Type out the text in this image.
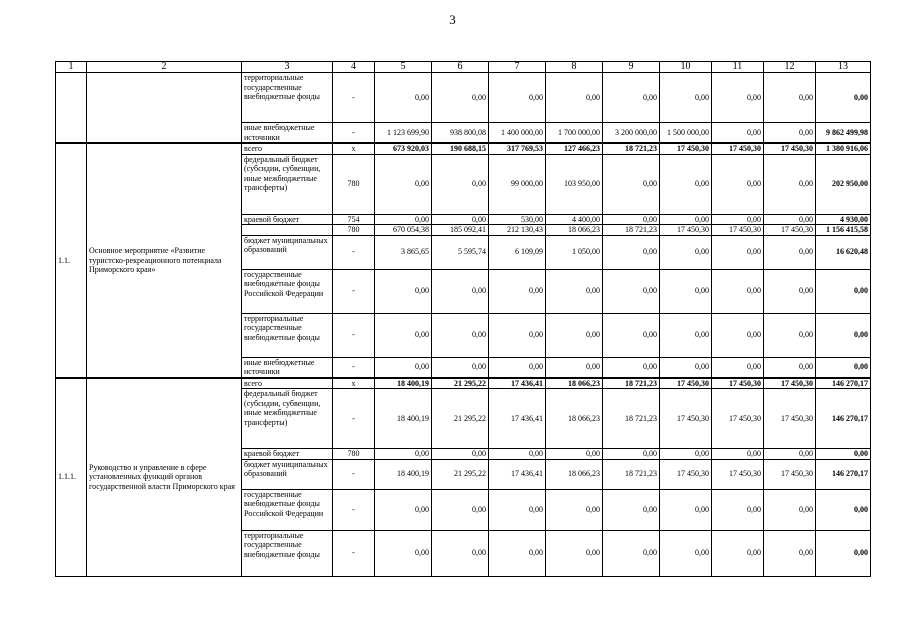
3
1	2	3	4	5	6	7	8	9	10	11	12	13
		территориальные государственные внебюджетные фонды	-	0,00	0,00	0,00	0,00	0,00	0,00	0,00	0,00	0,00
		иные внебюджетные источники	-	1 123 699,90	938 800,08	1 400 000,00	1 700 000,00	3 200 000,00	1 500 000,00	0,00	0,00	9 862 499,98
1.1.	Основное мероприятие «Развитие туристско-рекреационного потенциала Приморского края»	всего	x	673 920,03	190 688,15	317 769,53	127 466,23	18 721,23	17 450,30	17 450,30	17 450,30	1 380 916,06
		федеральный бюджет (субсидии, субвенции, иные межбюджетные трансферты)	780	0,00	0,00	99 000,00	103 950,00	0,00	0,00	0,00	0,00	202 950,00
		краевой бюджет	754	0,00	0,00	530,00	4 400,00	0,00	0,00	0,00	0,00	4 930,00
			780	670 054,38	185 092,41	212 130,43	18 066,23	18 721,23	17 450,30	17 450,30	17 450,30	1 156 415,58
		бюджет муниципальных образований	-	3 865,65	5 595,74	6 109,09	1 050,00	0,00	0,00	0,00	0,00	16 620,48
		государственные внебюджетные фонды Российской Федерации	-	0,00	0,00	0,00	0,00	0,00	0,00	0,00	0,00	0,00
		территориальные государственные внебюджетные фонды	-	0,00	0,00	0,00	0,00	0,00	0,00	0,00	0,00	0,00
		иные внебюджетные источники	-	0,00	0,00	0,00	0,00	0,00	0,00	0,00	0,00	0,00
1.1.1.	Руководство и управление в сфере установленных функций органов государственной власти Приморского края	всего	x	18 400,19	21 295,22	17 436,41	18 066,23	18 721,23	17 450,30	17 450,30	17 450,30	146 270,17
		федеральный бюджет (субсидии, субвенции, иные межбюджетные трансферты)	-	18 400,19	21 295,22	17 436,41	18 066,23	18 721,23	17 450,30	17 450,30	17 450,30	146 270,17
		краевой бюджет	780	0,00	0,00	0,00	0,00	0,00	0,00	0,00	0,00	0,00
		бюджет муниципальных образований	-	18 400,19	21 295,22	17 436,41	18 066,23	18 721,23	17 450,30	17 450,30	17 450,30	146 270,17
		государственные внебюджетные фонды Российской Федерации	-	0,00	0,00	0,00	0,00	0,00	0,00	0,00	0,00	0,00
		территориальные государственные внебюджетные фонды	-	0,00	0,00	0,00	0,00	0,00	0,00	0,00	0,00	0,00
